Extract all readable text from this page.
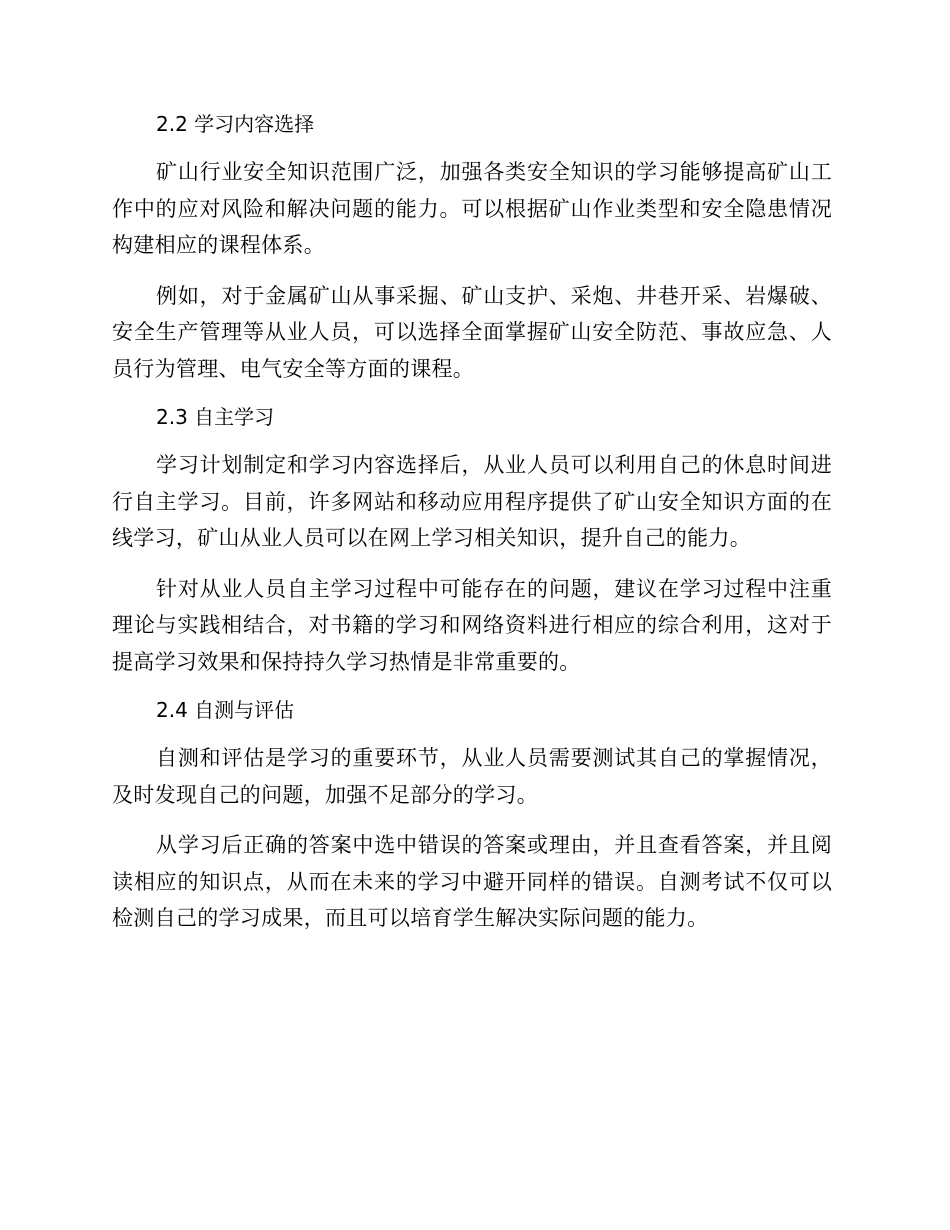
2.2 学习内容选择

矿山行业安全知识范围广泛，加强各类安全知识的学习能够提高矿山工作中的应对风险和解决问题的能力。可以根据矿山作业类型和安全隐患情况构建相应的课程体系。

例如，对于金属矿山从事采掘、矿山支护、采炮、井巷开采、岩爆破、安全生产管理等从业人员，可以选择全面掌握矿山安全防范、事故应急、人员行为管理、电气安全等方面的课程。

2.3 自主学习

学习计划制定和学习内容选择后，从业人员可以利用自己的休息时间进行自主学习。目前，许多网站和移动应用程序提供了矿山安全知识方面的在线学习，矿山从业人员可以在网上学习相关知识，提升自己的能力。

针对从业人员自主学习过程中可能存在的问题，建议在学习过程中注重理论与实践相结合，对书籍的学习和网络资料进行相应的综合利用，这对于提高学习效果和保持持久学习热情是非常重要的。

2.4 自测与评估

自测和评估是学习的重要环节，从业人员需要测试其自己的掌握情况，及时发现自己的问题，加强不足部分的学习。

从学习后正确的答案中选中错误的答案或理由，并且查看答案，并且阅读相应的知识点，从而在未来的学习中避开同样的错误。自测考试不仅可以检测自己的学习成果，而且可以培育学生解决实际问题的能力。
